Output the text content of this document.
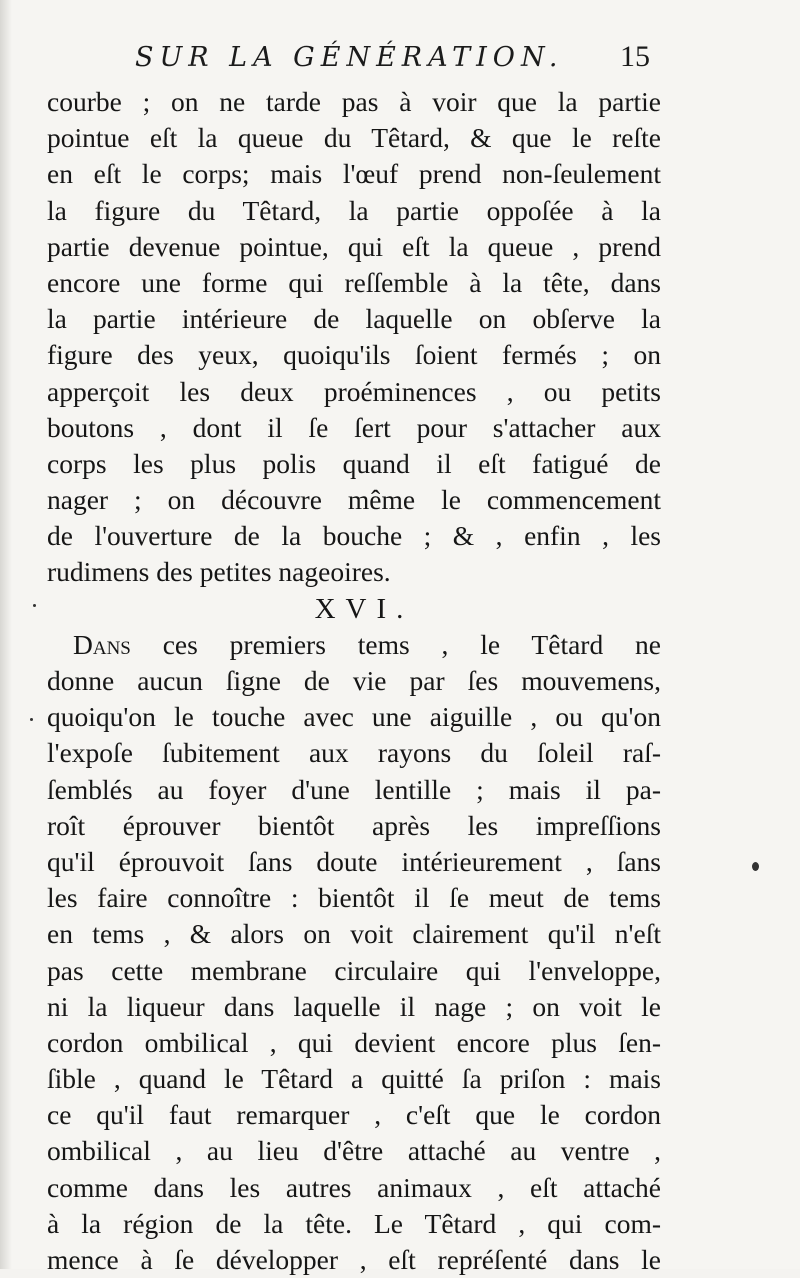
SUR LA GÉNÉRATION. 15
courbe ; on ne tarde pas à voir que la partie
pointue eſt la queue du Têtard, & que le reſte
en eſt le corps; mais l'œuf prend non-ſeulement
la figure du Têtard, la partie oppoſée à la
partie devenue pointue, qui eſt la queue , prend
encore une forme qui reſſemble à la tête, dans
la partie intérieure de laquelle on obſerve la
figure des yeux, quoiqu'ils ſoient fermés ; on
apperçoit les deux proéminences , ou petits
boutons , dont il ſe ſert pour s'attacher aux
corps les plus polis quand il eſt fatigué de
nager ; on découvre même le commencement
de l'ouverture de la bouche ; & , enfin , les
rudimens des petites nageoires.
XVI.
Dans ces premiers tems , le Têtard ne
donne aucun ſigne de vie par ſes mouvemens,
quoiqu'on le touche avec une aiguille , ou qu'on
l'expoſe ſubitement aux rayons du ſoleil raſ-
ſemblés au foyer d'une lentille ; mais il pa-
roît éprouver bientôt après les impreſſions
qu'il éprouvoit ſans doute intérieurement , ſans
les faire connoître : bientôt il ſe meut de tems
en tems , & alors on voit clairement qu'il n'eſt
pas cette membrane circulaire qui l'enveloppe,
ni la liqueur dans laquelle il nage ; on voit le
cordon ombilical , qui devient encore plus ſen-
ſible , quand le Têtard a quitté ſa priſon : mais
ce qu'il faut remarquer , c'eſt que le cordon
ombilical , au lieu d'être attaché au ventre ,
comme dans les autres animaux , eſt attaché
à la région de la tête. Le Têtard , qui com-
mence à ſe développer , eſt repréſenté dans le
